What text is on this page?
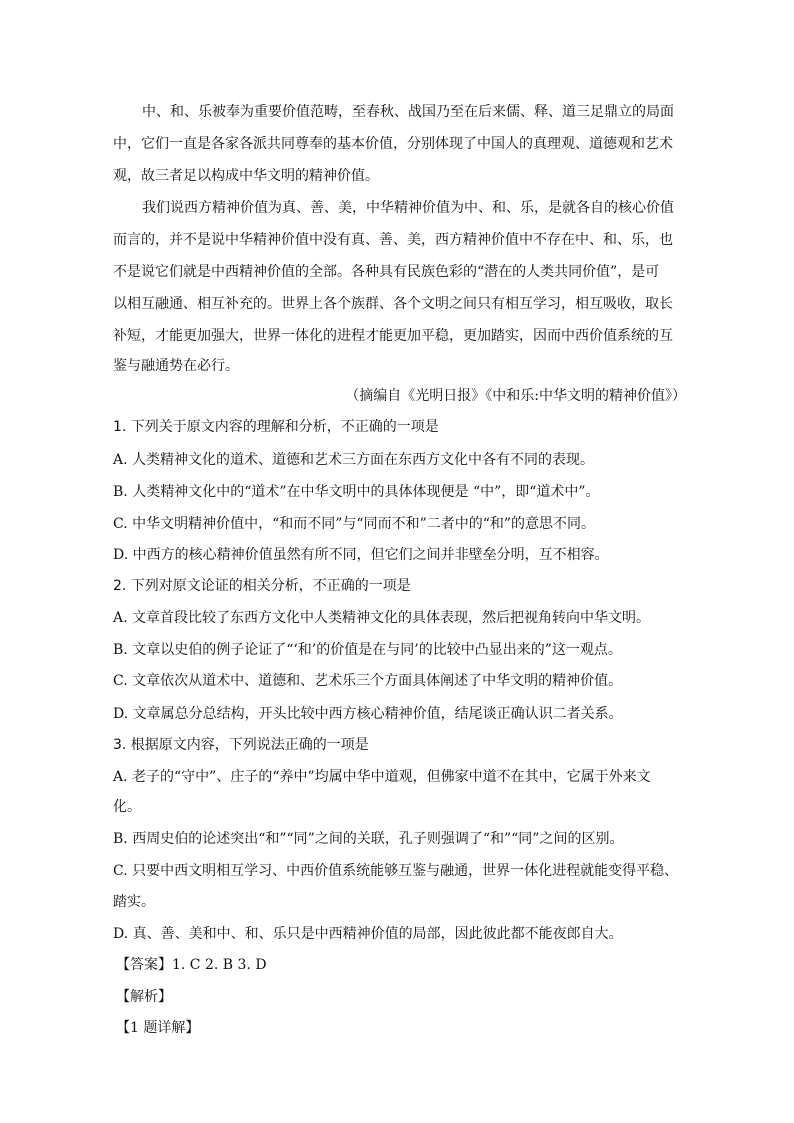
中、和、乐被奉为重要价值范畴，至春秋、战国乃至在后来儒、释、道三足鼎立的局面
中，它们一直是各家各派共同尊奉的基本价值，分别体现了中国人的真理观、道德观和艺术
观，故三者足以构成中华文明的精神价值。
我们说西方精神价值为真、善、美，中华精神价值为中、和、乐，是就各自的核心价值
而言的，并不是说中华精神价值中没有真、善、美，西方精神价值中不存在中、和、乐，也
不是说它们就是中西精神价值的全部。各种具有民族色彩的“潜在的人类共同价值”，是可
以相互融通、相互补充的。世界上各个族群、各个文明之间只有相互学习，相互吸收，取长
补短，才能更加强大，世界一体化的进程才能更加平稳，更加踏实，因而中西价值系统的互
鉴与融通势在必行。
（摘编自《光明日报》《中和乐:中华文明的精神价值》）
1. 下列关于原文内容的理解和分析，不正确的一项是
A. 人类精神文化的道术、道德和艺术三方面在东西方文化中各有不同的表现。
B. 人类精神文化中的“道术”在中华文明中的具体体现便是 “中”，即“道术中”。
C. 中华文明精神价值中，“和而不同”与“同而不和”二者中的“和”的意思不同。
D. 中西方的核心精神价值虽然有所不同，但它们之间并非壁垒分明，互不相容。
2. 下列对原文论证的相关分析，不正确的一项是
A. 文章首段比较了东西方文化中人类精神文化的具体表现，然后把视角转向中华文明。
B. 文章以史伯的例子论证了“‘和’的价值是在与同’的比较中凸显出来的”这一观点。
C. 文章依次从道术中、道德和、艺术乐三个方面具体阐述了中华文明的精神价值。
D. 文章属总分总结构，开头比较中西方核心精神价值，结尾谈正确认识二者关系。
3. 根据原文内容，下列说法正确的一项是
A. 老子的“守中”、庄子的“养中”均属中华中道观，但佛家中道不在其中，它属于外来文
化。
B. 西周史伯的论述突出“和”“同”之间的关联，孔子则强调了“和”“同”之间的区别。
C. 只要中西文明相互学习、中西价值系统能够互鉴与融通，世界一体化进程就能变得平稳、
踏实。
D. 真、善、美和中、和、乐只是中西精神价值的局部，因此彼此都不能夜郎自大。
【答案】1. C 2. B 3. D
【解析】
【1 题详解】
